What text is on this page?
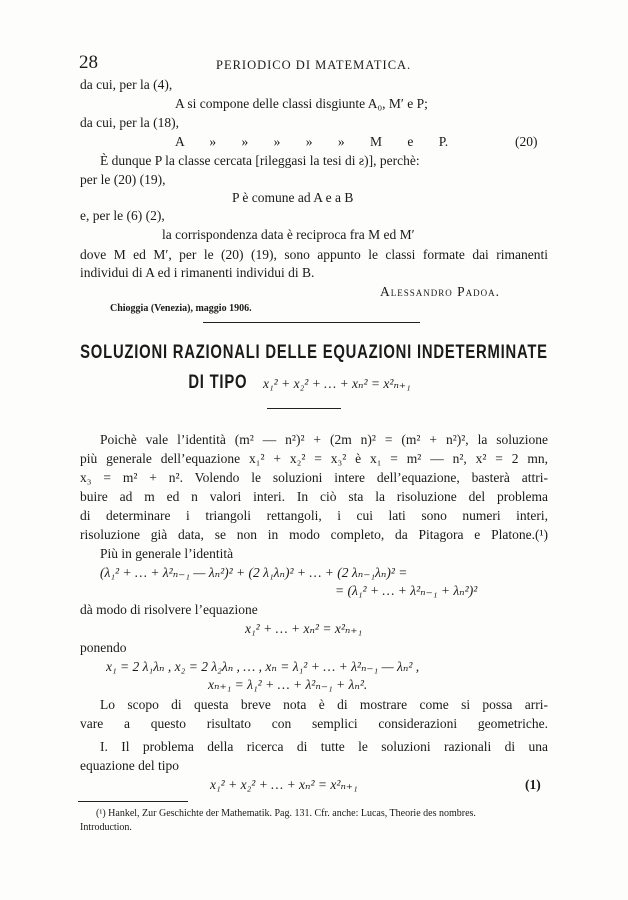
28	PERIODICO DI MATEMATICA.
da cui, per la (4),
A si compone delle classi disgiunte A₀, M′ e P;
da cui, per la (18),
A » » » » » M e P.	(20)
È dunque P la classe cercata [rileggasi la tesi di ƨ)], perchè:
per le (20) (19),
P è comune ad A e a B
e, per le (6) (2),
la corrispondenza data è reciproca fra M ed M′
dove M ed M′, per le (20) (19), sono appunto le classi formate dai rimanenti
individui di A ed i rimanenti individui di B.
Alessandro Padoa.
Chioggia (Venezia), maggio 1906.
SOLUZIONI RAZIONALI DELLE EQUAZIONI INDETERMINATE
DI TIPO x₁² + x₂² + … + xₙ² = x²ₙ₊₁
Poichè vale l’identità (m² — n²)² + (2m n)² = (m² + n²)², la soluzione
più generale dell’equazione x₁² + x₂² = x₃² è x₁ = m² — n², x² = 2 mn,
x₃ = m² + n². Volendo le soluzioni intere dell’equazione, basterà attri-
buire ad m ed n valori interi. In ciò sta la risoluzione del problema
di determinare i triangoli rettangoli, i cui lati sono numeri interi,
risoluzione già data, se non in modo completo, da Pitagora e Platone.(¹)
Più in generale l’identità
(λ₁² + … + λ²ₙ₋₁ — λₙ²)² + (2 λ₁λₙ)² + … + (2 λₙ₋₁λₙ)² =
= (λ₁² + … + λ²ₙ₋₁ + λₙ²)²
dà modo di risolvere l’equazione
x₁² + … + xₙ² = x²ₙ₊₁
ponendo
x₁ = 2 λ₁λₙ , x₂ = 2 λ₂λₙ , … , xₙ = λ₁² + … + λ²ₙ₋₁ — λₙ² ,
xₙ₊₁ = λ₁² + … + λ²ₙ₋₁ + λₙ².
Lo scopo di questa breve nota è di mostrare come si possa arri-
vare a questo risultato con semplici considerazioni geometriche.
I. Il problema della ricerca di tutte le soluzioni razionali di una
equazione del tipo
x₁² + x₂² + … + xₙ² = x²ₙ₊₁	(1)
(¹) Hankel, Zur Geschichte der Mathematik. Pag. 131. Cfr. anche: Lucas, Theorie des nombres.
Introduction.
